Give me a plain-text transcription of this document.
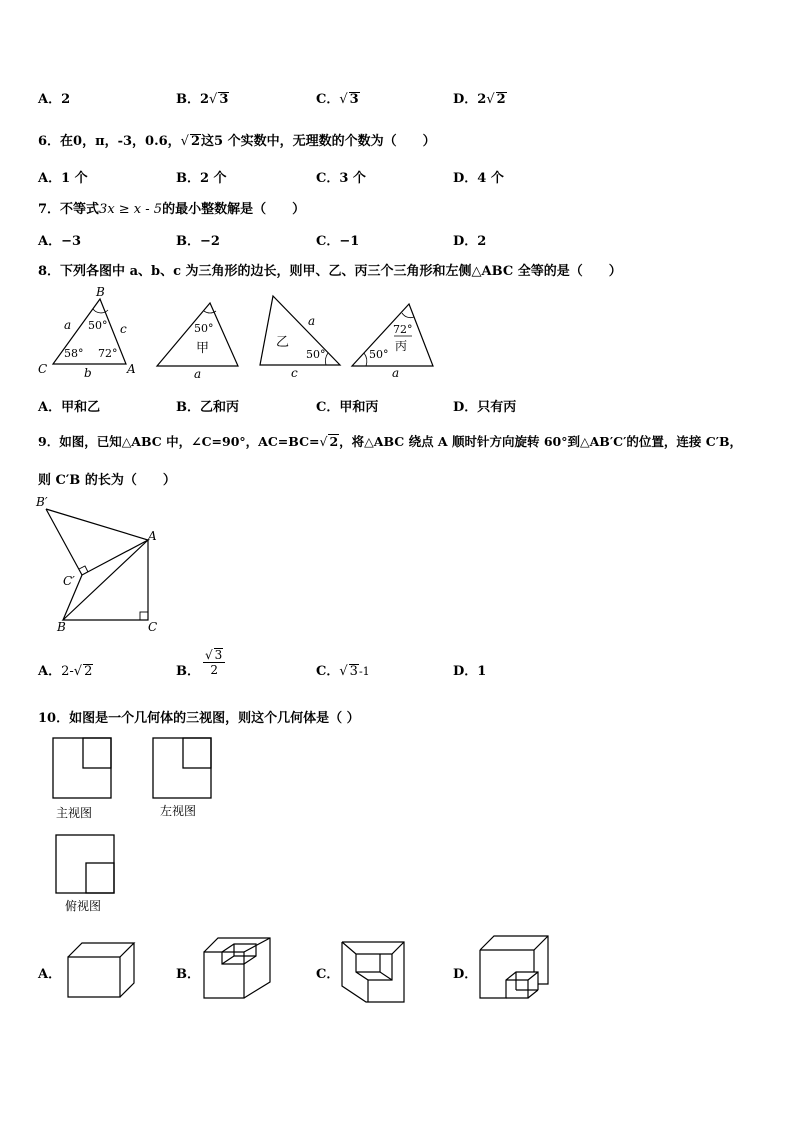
A．2	B．2√ 3	C．√ 3	D．2√ 2
6．在0，π，-3，0.6，√ 2这5 个实数中，无理数的个数为（　　）
A．1 个	B．2 个	C．3 个	D．4 个
7．不等式3x ≥ x - 5的最小整数解是（　　）
A．−3	B．−2	C．−1	D．2
8．下列各图中 a、b、c 为三角形的边长，则甲、乙、丙三个三角形和左侧△ABC 全等的是（　　）
B
C	A
a	c
b
50°
58° 72°
50°
甲
a
乙
50°
a
c
72°
丙
50°
a
A．甲和乙	B．乙和丙	C．甲和丙	D．只有丙
9．如图，已知△ABC 中，∠C=90°，AC=BC=√ 2，将△ABC 绕点 A 顺时针方向旋转 60°到△AB′C′的位置，连接 C′B，
则 C′B 的长为（　　）
B′
A
C′
B	C
A．2-√ 2	B．
√ 3
2	C．√ 3-1	D．1
10．如图是一个几何体的三视图，则这个几何体是（ ）
主视图	左视图
俯视图
A．	B．	C．	D．
